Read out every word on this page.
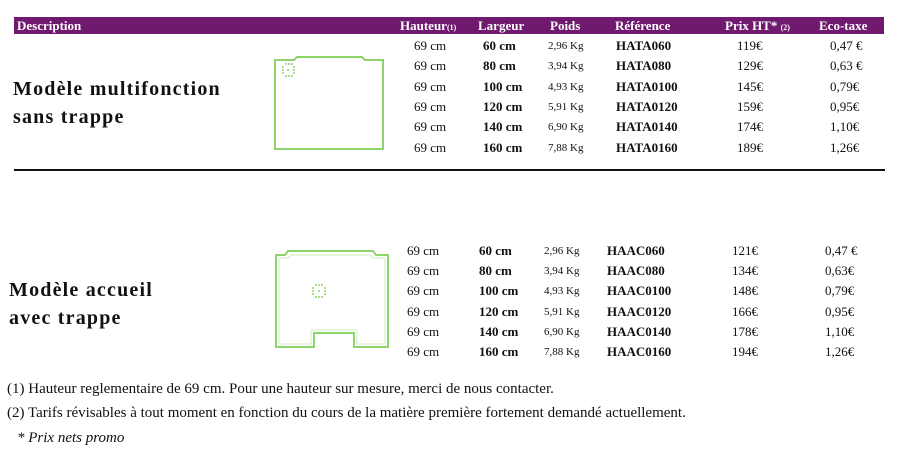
Description	Hauteur(1) Largeur Poids	Référence	Prix HT* (2) Eco-taxe
Modèle multifonction
sans trappe
69 cm	60 cm	2,96 Kg	HATA060	119€	0,47 €
69 cm	80 cm	3,94 Kg	HATA080	129€	0,63 €
69 cm	100 cm 4,93 Kg	HATA0100	145€	0,79€
69 cm	120 cm 5,91 Kg	HATA0120	159€	0,95€
69 cm	140 cm 6,90 Kg	HATA0140	174€	1,10€
69 cm	160 cm 7,88 Kg	HATA0160	189€	1,26€
Modèle accueil
avec trappe
69 cm	60 cm	2,96 Kg HAAC060	121€	0,47 €
69 cm	80 cm	3,94 Kg HAAC080	134€	0,63€
69 cm	100 cm 4,93 Kg HAAC0100	148€	0,79€
69 cm	120 cm 5,91 Kg HAAC0120	166€	0,95€
69 cm	140 cm 6,90 Kg HAAC0140	178€	1,10€
69 cm	160 cm 7,88 Kg HAAC0160	194€	1,26€
(1) Hauteur reglementaire de 69 cm. Pour une hauteur sur mesure, merci de nous contacter.
(2) Tarifs révisables à tout moment en fonction du cours de la matière première fortement demandé actuellement.
* Prix nets promo
